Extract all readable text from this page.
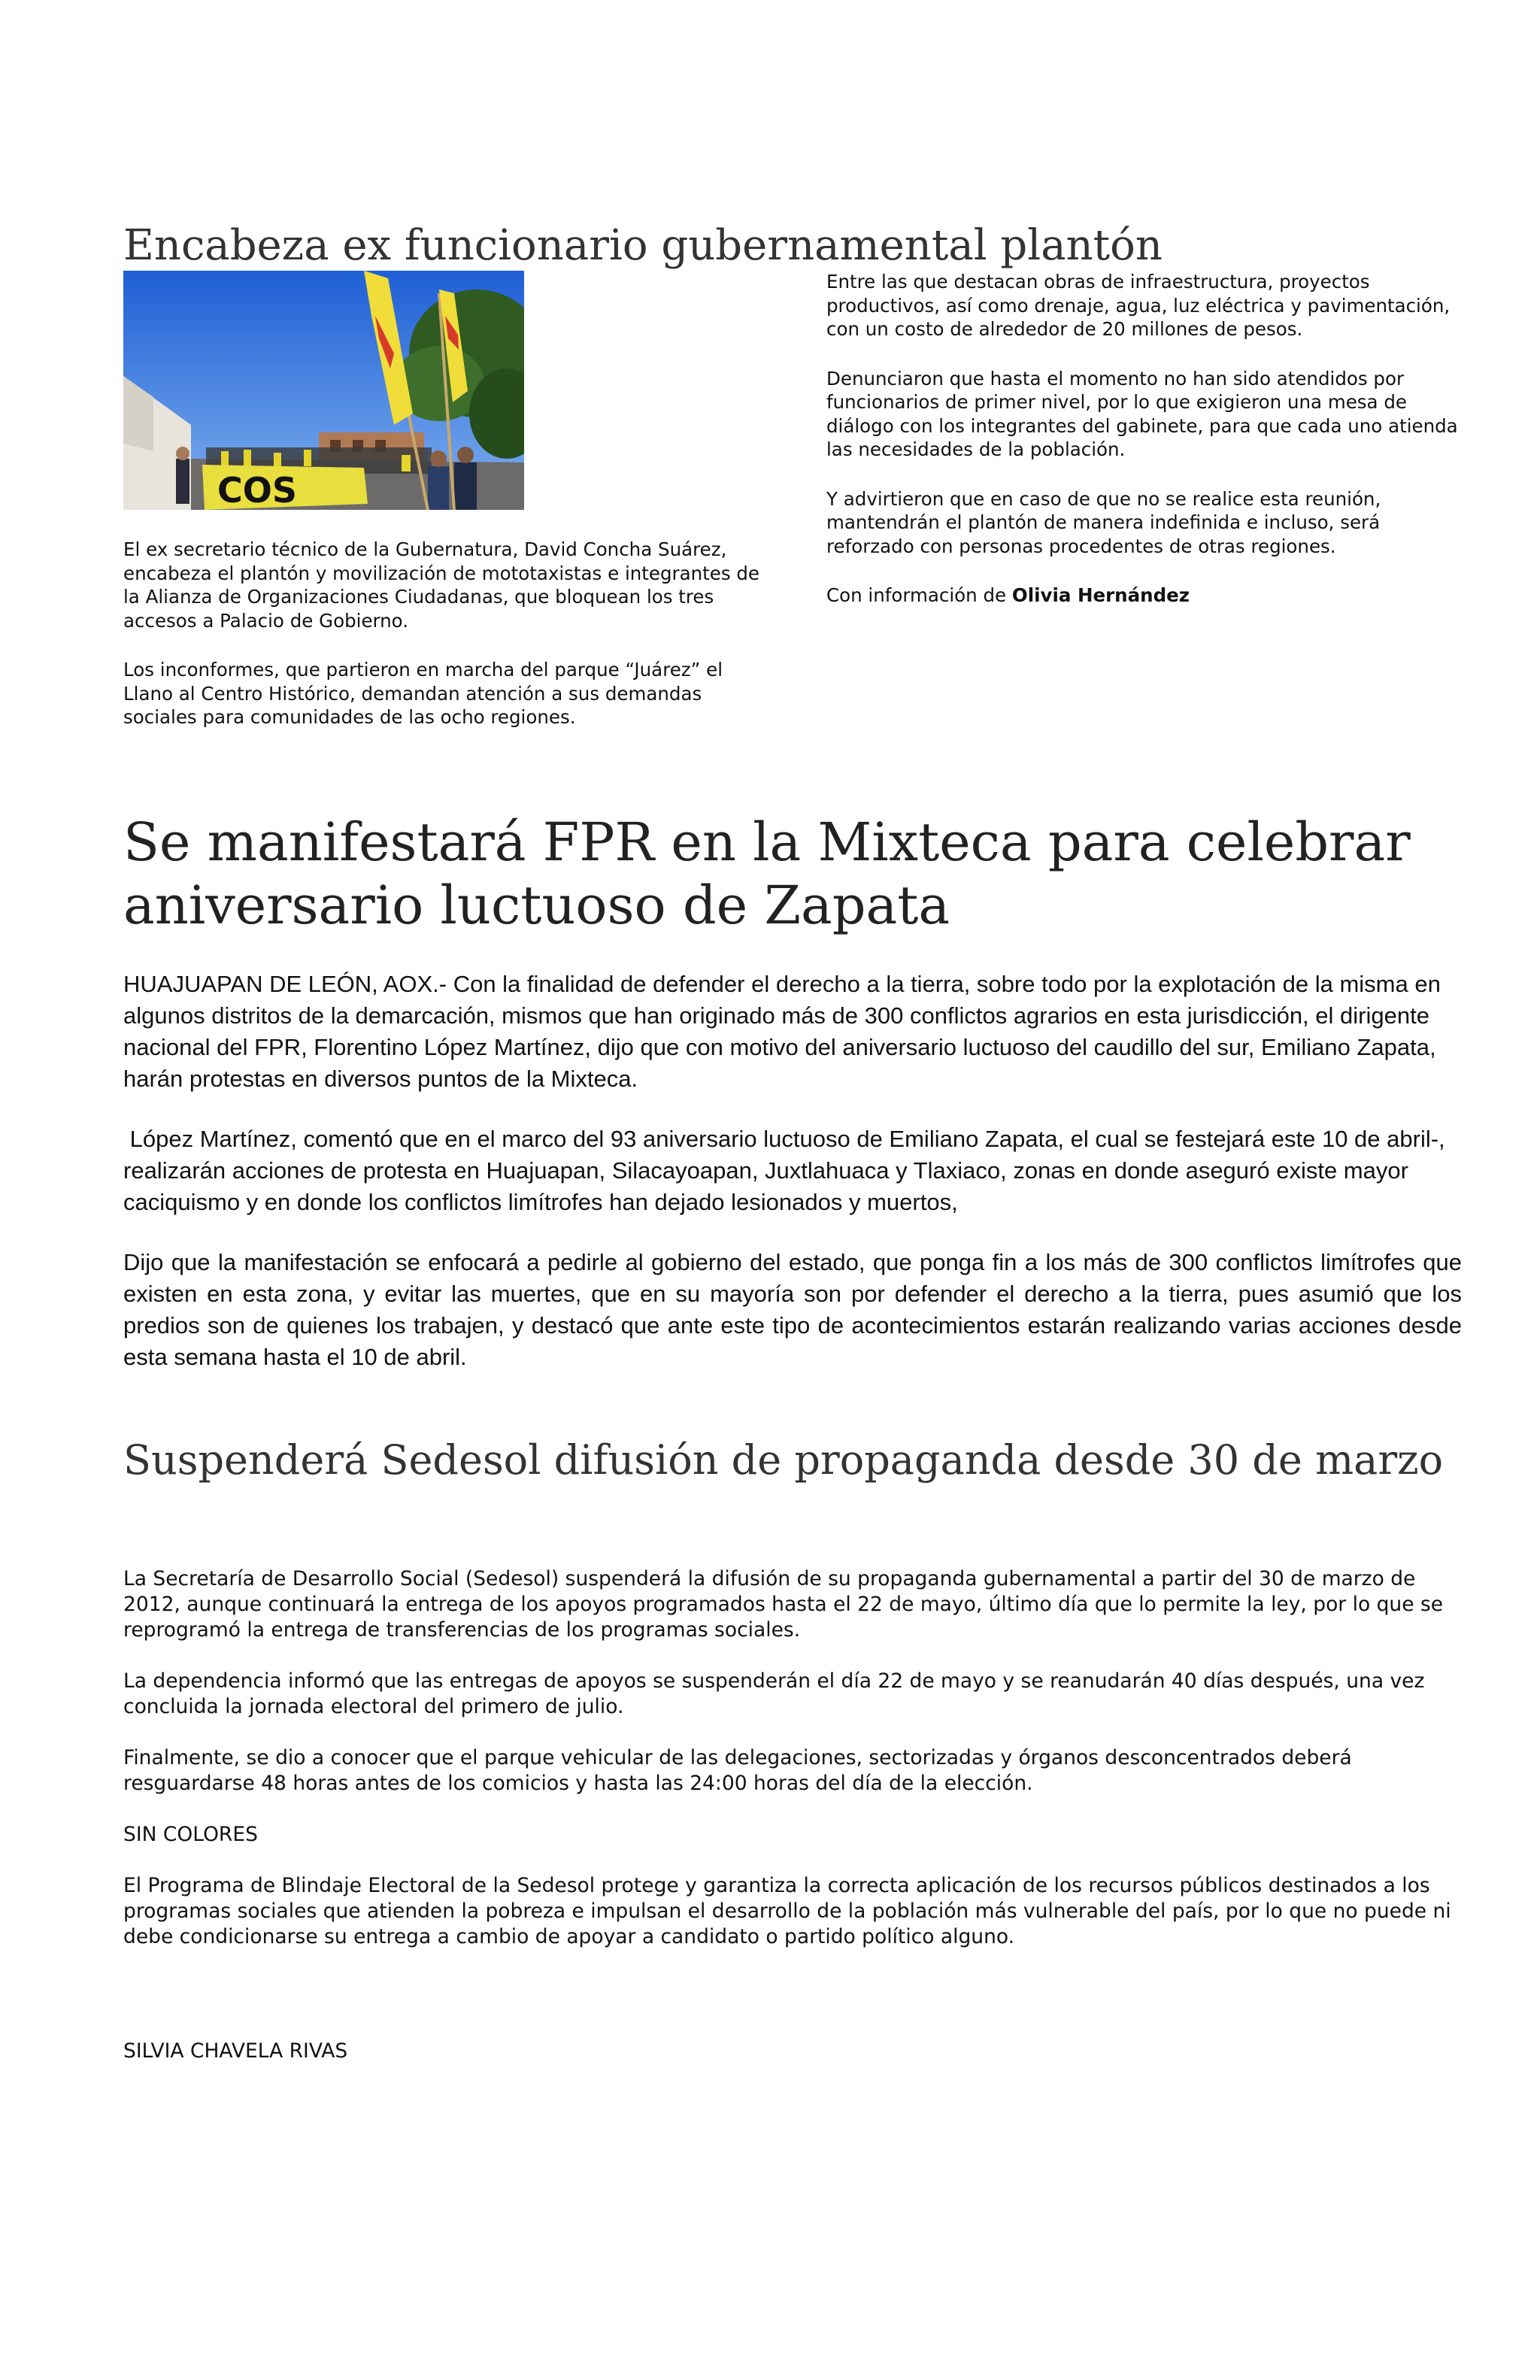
Encabeza ex funcionario gubernamental plantón
COS

El ex secretario técnico de la Gubernatura, David Concha Suárez, encabeza el plantón y movilización de mototaxistas e integrantes de la Alianza de Organizaciones Ciudadanas, que bloquean los tres accesos a Palacio de Gobierno.

Los inconformes, que partieron en marcha del parque “Juárez” el Llano al Centro Histórico, demandan atención a sus demandas sociales para comunidades de las ocho regiones.

Entre las que destacan obras de infraestructura, proyectos productivos, así como drenaje, agua, luz eléctrica y pavimentación, con un costo de alrededor de 20 millones de pesos.

Denunciaron que hasta el momento no han sido atendidos por funcionarios de primer nivel, por lo que exigieron una mesa de diálogo con los integrantes del gabinete, para que cada uno atienda las necesidades de la población.

Y advirtieron que en caso de que no se realice esta reunión, mantendrán el plantón de manera indefinida e incluso, será reforzado con personas procedentes de otras regiones.

Con información de Olivia Hernández

Se manifestará FPR en la Mixteca para celebrar aniversario luctuoso de Zapata

HUAJUAPAN DE LEÓN, AOX.- Con la finalidad de defender el derecho a la tierra, sobre todo por la explotación de la misma en algunos distritos de la demarcación, mismos que han originado más de 300 conflictos agrarios en esta jurisdicción, el dirigente nacional del FPR, Florentino López Martínez, dijo que con motivo del aniversario luctuoso del caudillo del sur, Emiliano Zapata, harán protestas en diversos puntos de la Mixteca.

López Martínez, comentó que en el marco del 93 aniversario luctuoso de Emiliano Zapata, el cual se festejará este 10 de abril-, realizarán acciones de protesta en Huajuapan, Silacayoapan, Juxtlahuaca y Tlaxiaco, zonas en donde aseguró existe mayor caciquismo y en donde los conflictos limítrofes han dejado lesionados y muertos,

Dijo que la manifestación se enfocará a pedirle al gobierno del estado, que ponga fin a los más de 300 conflictos limítrofes que existen en esta zona, y evitar las muertes, que en su mayoría son por defender el derecho a la tierra, pues asumió que los predios son de quienes los trabajen, y destacó que ante este tipo de acontecimientos estarán realizando varias acciones desde esta semana hasta el 10 de abril.

Suspenderá Sedesol difusión de propaganda desde 30 de marzo

La Secretaría de Desarrollo Social (Sedesol) suspenderá la difusión de su propaganda gubernamental a partir del 30 de marzo de 2012, aunque continuará la entrega de los apoyos programados hasta el 22 de mayo, último día que lo permite la ley, por lo que se reprogramó la entrega de transferencias de los programas sociales.

La dependencia informó que las entregas de apoyos se suspenderán el día 22 de mayo y se reanudarán 40 días después, una vez concluida la jornada electoral del primero de julio.

Finalmente, se dio a conocer que el parque vehicular de las delegaciones, sectorizadas y órganos desconcentrados deberá resguardarse 48 horas antes de los comicios y hasta las 24:00 horas del día de la elección.

SIN COLORES

El Programa de Blindaje Electoral de la Sedesol protege y garantiza la correcta aplicación de los recursos públicos destinados a los programas sociales que atienden la pobreza e impulsan el desarrollo de la población más vulnerable del país, por lo que no puede ni debe condicionarse su entrega a cambio de apoyar a candidato o partido político alguno.

SILVIA CHAVELA RIVAS
